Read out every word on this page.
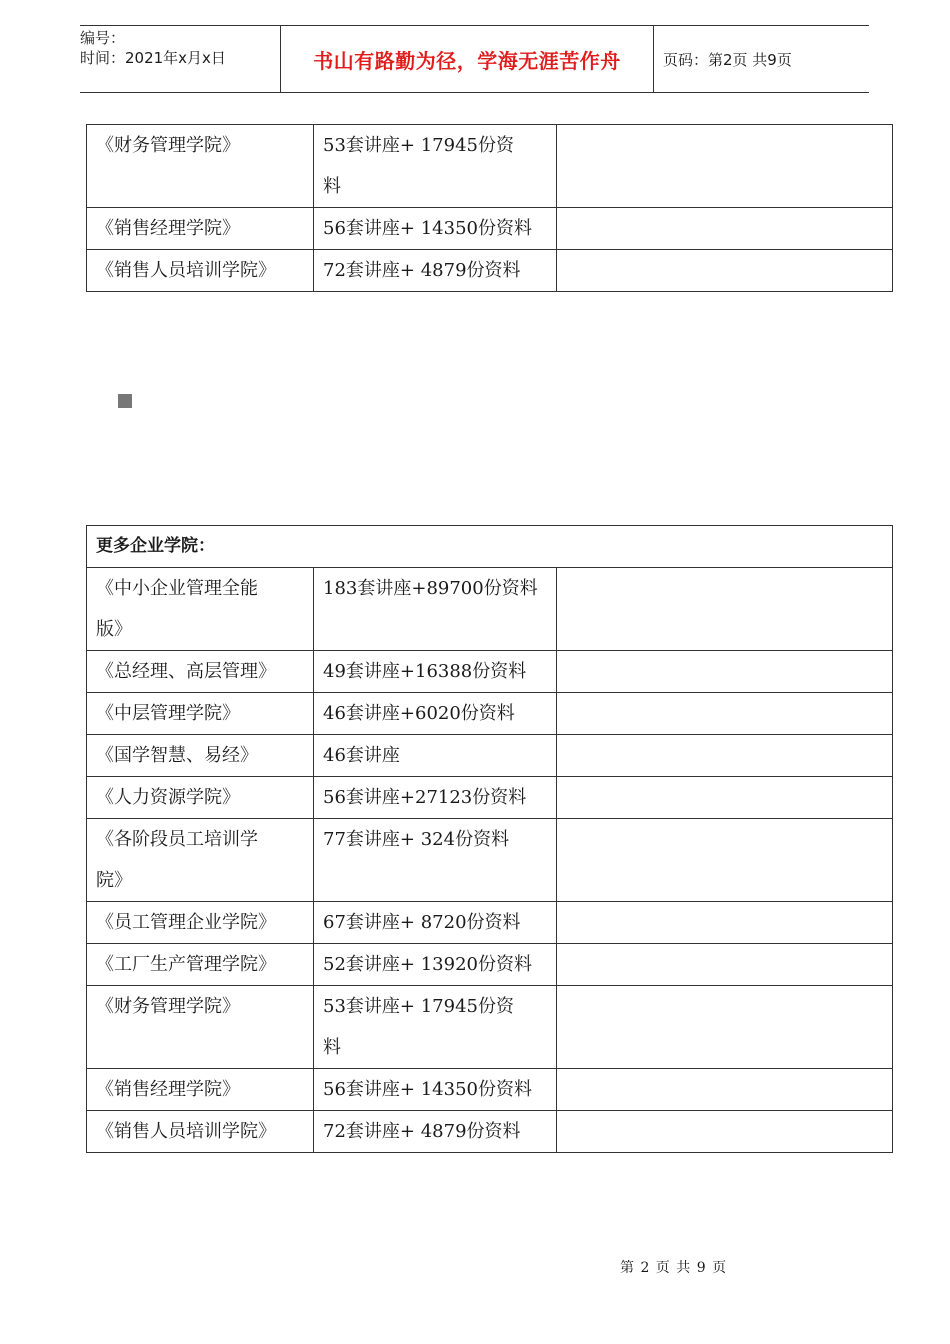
编号：
时间：2021年x月x日	书山有路勤为径，学海无涯苦作舟	页码：第2页 共9页
《财务管理学院》	53套讲座+ 17945份资料	
《销售经理学院》	56套讲座+ 14350份资料	
《销售人员培训学院》	72套讲座+ 4879份资料	
更多企业学院：		
《中小企业管理全能版》	183套讲座+89700份资料	
《总经理、高层管理》	49套讲座+16388份资料	
《中层管理学院》	46套讲座+6020份资料	
《国学智慧、易经》	46套讲座	
《人力资源学院》	56套讲座+27123份资料	
《各阶段员工培训学院》	77套讲座+ 324份资料	
《员工管理企业学院》	67套讲座+ 8720份资料	
《工厂生产管理学院》	52套讲座+ 13920份资料	
《财务管理学院》	53套讲座+ 17945份资料	
《销售经理学院》	56套讲座+ 14350份资料	
《销售人员培训学院》	72套讲座+ 4879份资料	
第 2 页 共 9 页
